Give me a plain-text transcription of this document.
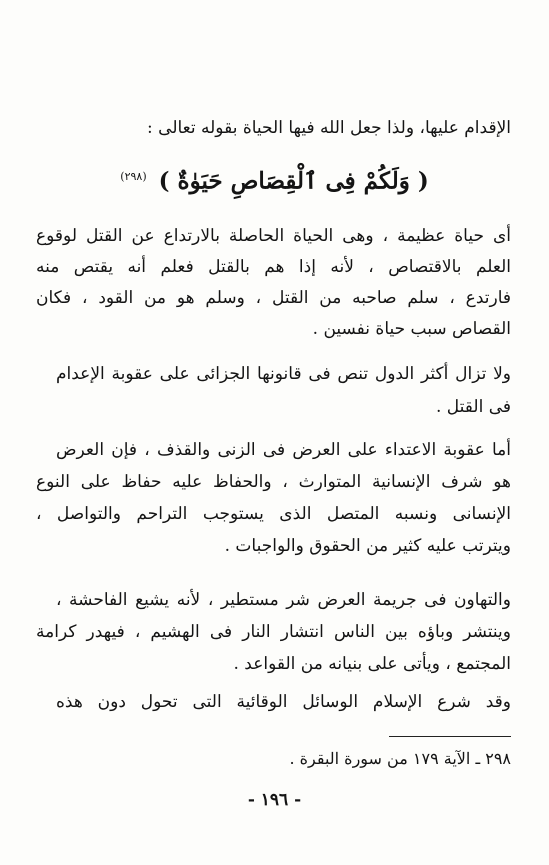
الإقدام عليها، ولذا جعل الله فيها الحياة بقوله تعالى :
( وَلَكُمْ فِى ٱلْقِصَاصِ حَيَوٰةٌ ) $^{(٢٩٨)}$
أى حياة عظيمة ، وهى الحياة الحاصلة بالارتداع عن القتل لوقوع
العلم بالاقتصاص ، لأنه إذا هم بالقتل فعلم أنه يقتص منه
فارتدع ، سلم صاحبه من القتل ، وسلم هو من القود ، فكان
القصاص سبب حياة نفسين .
ولا تزال أكثر الدول تنص فى قانونها الجزائى على عقوبة الإعدام
فى القتل .
أما عقوبة الاعتداء على العرض فى الزنى والقذف ، فإن العرض
هو شرف الإنسانية المتوارث ، والحفاظ عليه حفاظ على النوع
الإنسانى ونسبه المتصل الذى يستوجب التراحم والتواصل ،
ويترتب عليه كثير من الحقوق والواجبات .
والتهاون فى جريمة العرض شر مستطير ، لأنه يشيع الفاحشة ،
وينتشر وباؤه بين الناس انتشار النار فى الهشيم ، فيهدر كرامة
المجتمع ، ويأتى على بنيانه من القواعد .
وقد شرع الإسلام الوسائل الوقائية التى تحول دون هذه
٢٩٨ ـ الآية ١٧٩ من سورة البقرة .
- ١٩٦ -
